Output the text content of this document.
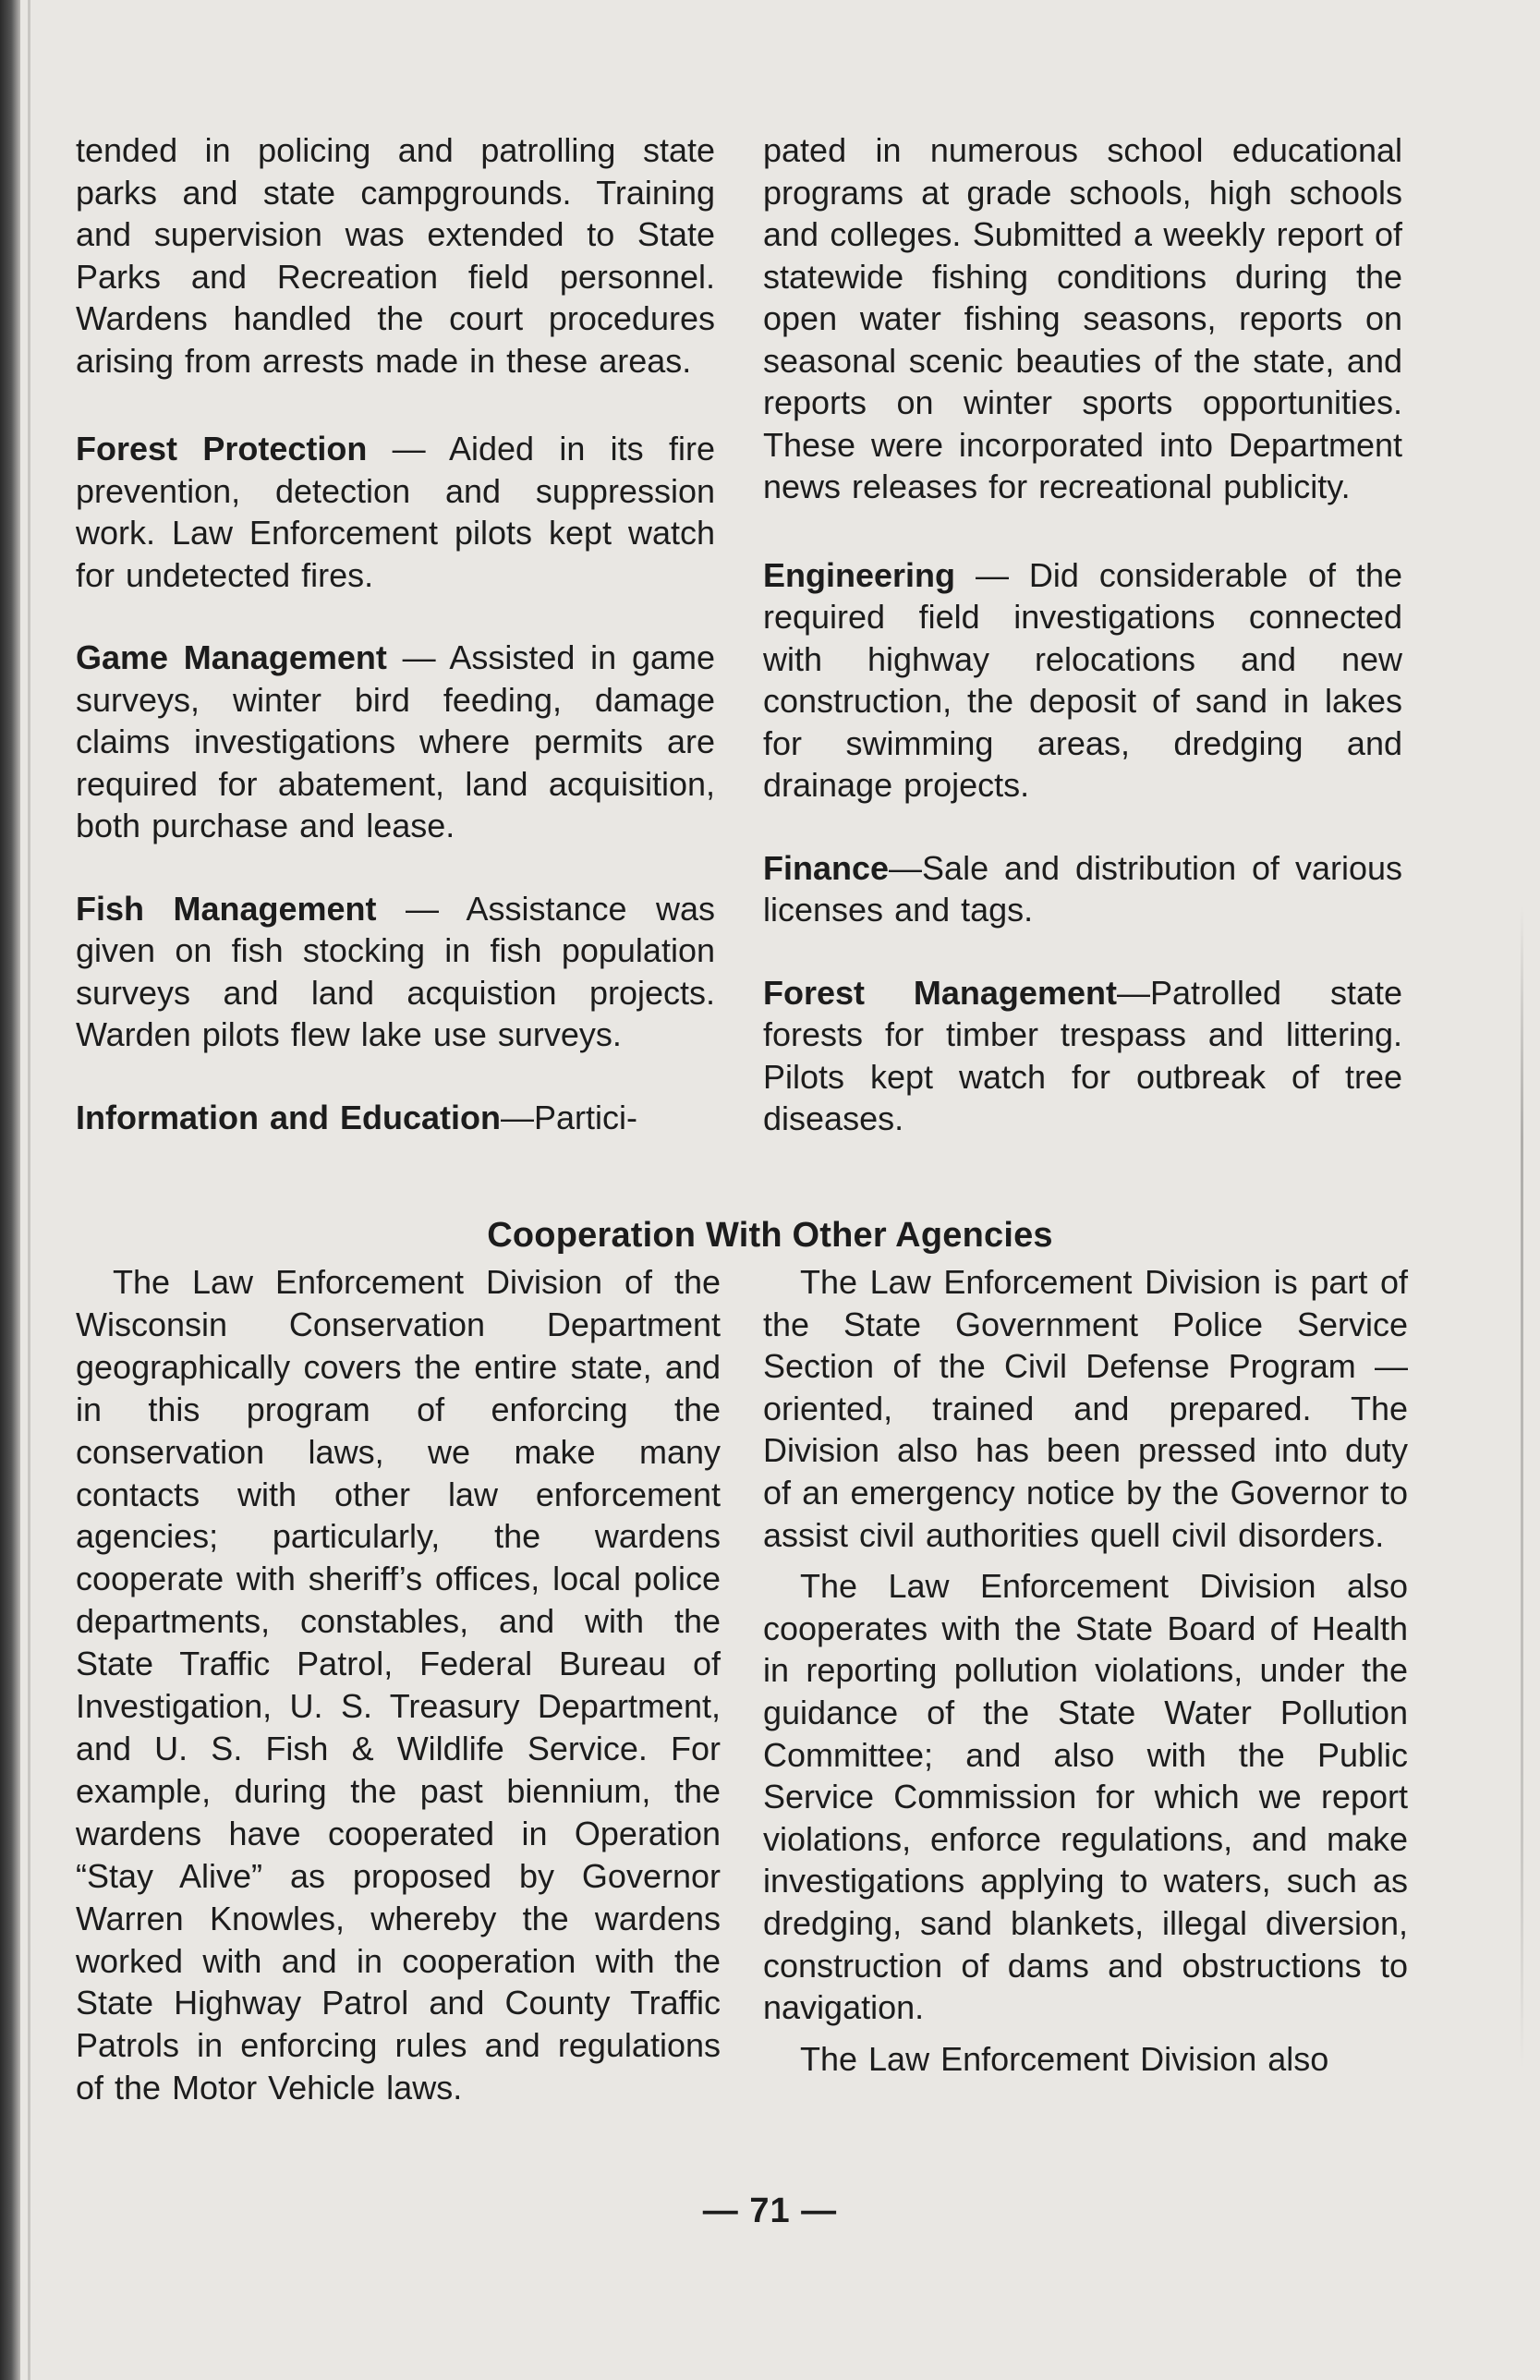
tended in policing and patrolling state parks and state campgrounds. Training and supervision was extended to State Parks and Recreation field personnel. Wardens handled the court procedures arising from arrests made in these areas.

Forest Protection — Aided in its fire prevention, detection and suppression work. Law Enforcement pilots kept watch for undetected fires.

Game Management — Assisted in game surveys, winter bird feeding, damage claims investigations where permits are required for abatement, land acquisition, both purchase and lease.

Fish Management — Assistance was given on fish stocking in fish population surveys and land acquistion projects. Warden pilots flew lake use surveys.

Information and Education—Partici-

pated in numerous school educational programs at grade schools, high schools and colleges. Submitted a weekly report of statewide fishing conditions during the open water fishing seasons, reports on seasonal scenic beauties of the state, and reports on winter sports opportunities. These were incorporated into Department news releases for recreational publicity.

Engineering — Did considerable of the required field investigations connected with highway relocations and new construction, the deposit of sand in lakes for swimming areas, dredging and drainage projects.

Finance—Sale and distribution of various licenses and tags.

Forest Management—Patrolled state forests for timber trespass and littering. Pilots kept watch for outbreak of tree diseases.

Cooperation With Other Agencies

The Law Enforcement Division of the Wisconsin Conservation Department geographically covers the entire state, and in this program of enforcing the conservation laws, we make many contacts with other law enforcement agencies; particularly, the wardens cooperate with sheriff’s offices, local police departments, constables, and with the State Traffic Patrol, Federal Bureau of Investigation, U. S. Treasury Department, and U. S. Fish & Wildlife Service. For example, during the past biennium, the wardens have cooperated in Operation “Stay Alive” as proposed by Governor Warren Knowles, whereby the wardens worked with and in cooperation with the State Highway Patrol and County Traffic Patrols in enforcing rules and regulations of the Motor Vehicle laws.

The Law Enforcement Division is part of the State Government Police Service Section of the Civil Defense Program — oriented, trained and prepared. The Division also has been pressed into duty of an emergency notice by the Governor to assist civil authorities quell civil disorders.

The Law Enforcement Division also cooperates with the State Board of Health in reporting pollution violations, under the guidance of the State Water Pollution Committee; and also with the Public Service Commission for which we report violations, enforce regulations, and make investigations applying to waters, such as dredging, sand blankets, illegal diversion, construction of dams and obstructions to navigation.

The Law Enforcement Division also

— 71 —
